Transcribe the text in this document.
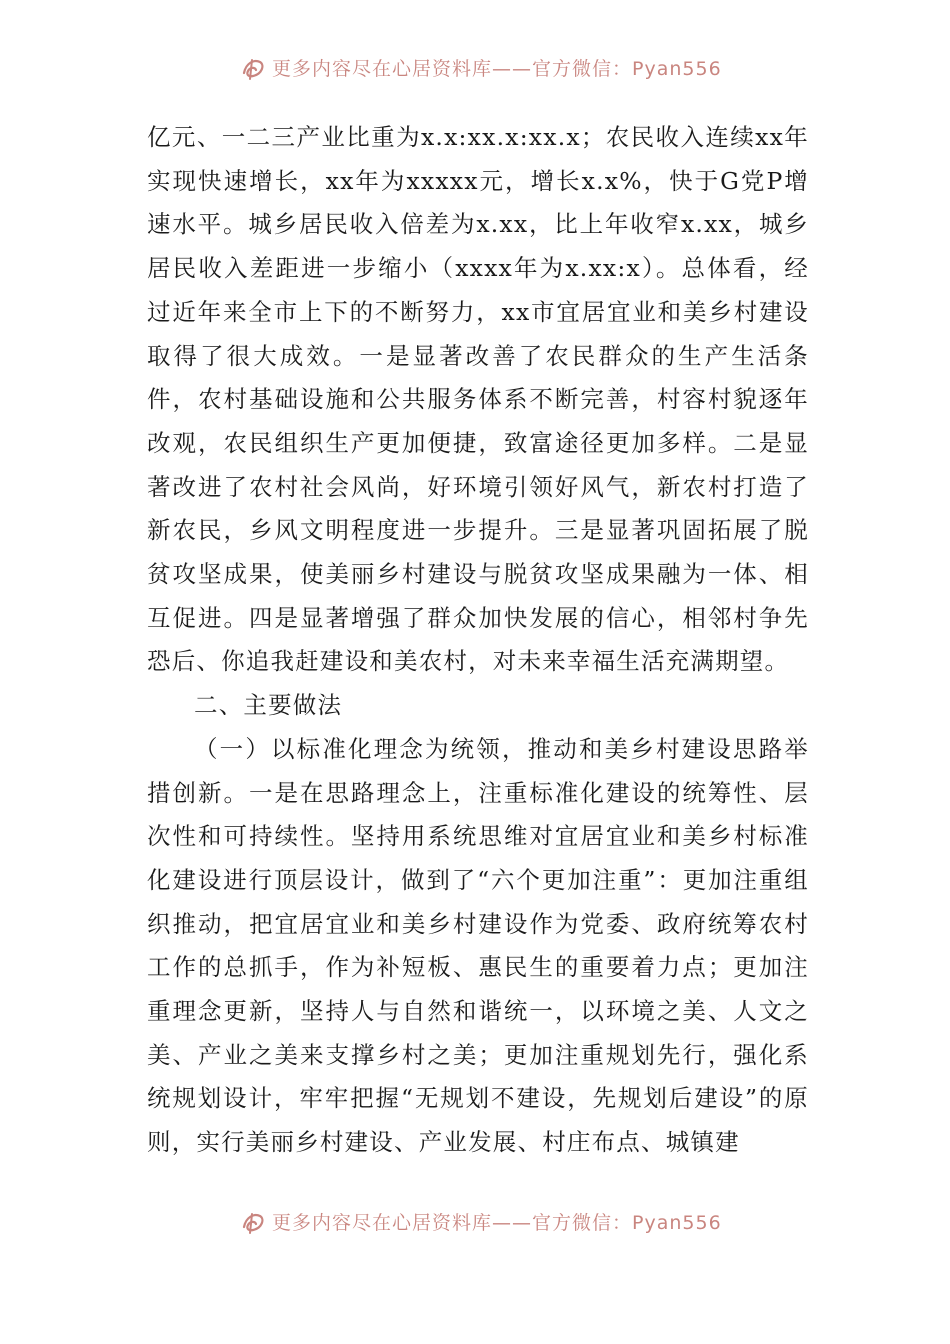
更多内容尽在心居资料库——官方微信：Pyan556

亿元、一二三产业比重为x.x:xx.x:xx.x；农民收入连续xx年实现快速增长，xx年为xxxxx元，增长x.x%，快于G党P增速水平。城乡居民收入倍差为x.xx，比上年收窄x.xx，城乡居民收入差距进一步缩小（xxxx年为x.xx:x）。总体看，经过近年来全市上下的不断努力，xx市宜居宜业和美乡村建设取得了很大成效。一是显著改善了农民群众的生产生活条件，农村基础设施和公共服务体系不断完善，村容村貌逐年改观，农民组织生产更加便捷，致富途径更加多样。二是显著改进了农村社会风尚，好环境引领好风气，新农村打造了新农民，乡风文明程度进一步提升。三是显著巩固拓展了脱贫攻坚成果，使美丽乡村建设与脱贫攻坚成果融为一体、相互促进。四是显著增强了群众加快发展的信心，相邻村争先恐后、你追我赶建设和美农村，对未来幸福生活充满期望。

二、主要做法

（一）以标准化理念为统领，推动和美乡村建设思路举措创新。一是在思路理念上，注重标准化建设的统筹性、层次性和可持续性。坚持用系统思维对宜居宜业和美乡村标准化建设进行顶层设计，做到了“六个更加注重”：更加注重组织推动，把宜居宜业和美乡村建设作为党委、政府统筹农村工作的总抓手，作为补短板、惠民生的重要着力点；更加注重理念更新，坚持人与自然和谐统一，以环境之美、人文之美、产业之美来支撑乡村之美；更加注重规划先行，强化系统规划设计，牢牢把握“无规划不建设，先规划后建设”的原则，实行美丽乡村建设、产业发展、村庄布点、城镇建

更多内容尽在心居资料库——官方微信：Pyan556
